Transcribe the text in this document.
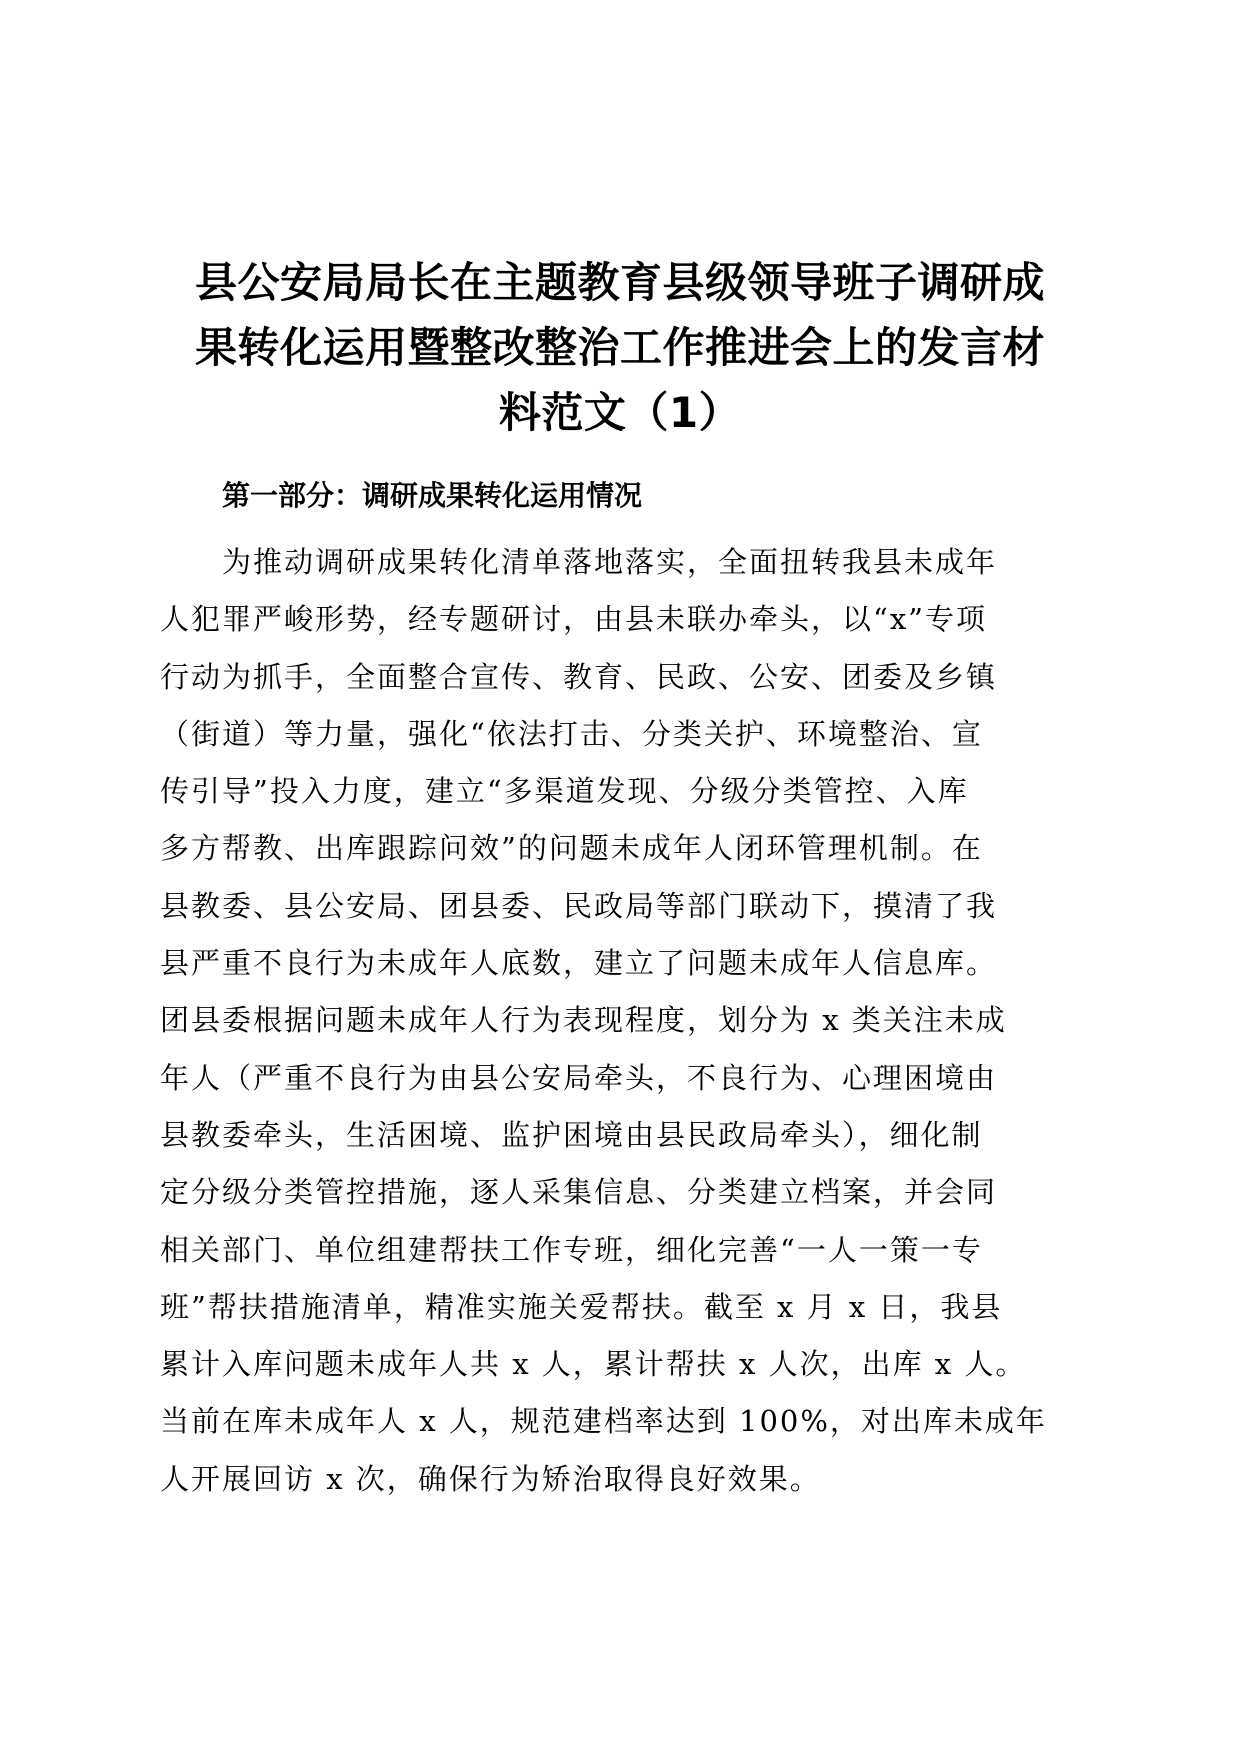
县公安局局长在主题教育县级领导班子调研成
果转化运用暨整改整治工作推进会上的发言材
料范文（1）
第一部分：调研成果转化运用情况
　　为推动调研成果转化清单落地落实，全面扭转我县未成年
人犯罪严峻形势，经专题研讨，由县未联办牵头，以“x”专项
行动为抓手，全面整合宣传、教育、民政、公安、团委及乡镇
（街道）等力量，强化“依法打击、分类关护、环境整治、宣
传引导”投入力度，建立“多渠道发现、分级分类管控、入库
多方帮教、出库跟踪问效”的问题未成年人闭环管理机制。在
县教委、县公安局、团县委、民政局等部门联动下，摸清了我
县严重不良行为未成年人底数，建立了问题未成年人信息库。
团县委根据问题未成年人行为表现程度，划分为 x 类关注未成
年人（严重不良行为由县公安局牵头，不良行为、心理困境由
县教委牵头，生活困境、监护困境由县民政局牵头），细化制
定分级分类管控措施，逐人采集信息、分类建立档案，并会同
相关部门、单位组建帮扶工作专班，细化完善“一人一策一专
班”帮扶措施清单，精准实施关爱帮扶。截至 x 月 x 日，我县
累计入库问题未成年人共 x 人，累计帮扶 x 人次，出库 x 人。
当前在库未成年人 x 人，规范建档率达到 100%，对出库未成年
人开展回访 x 次，确保行为矫治取得良好效果。
